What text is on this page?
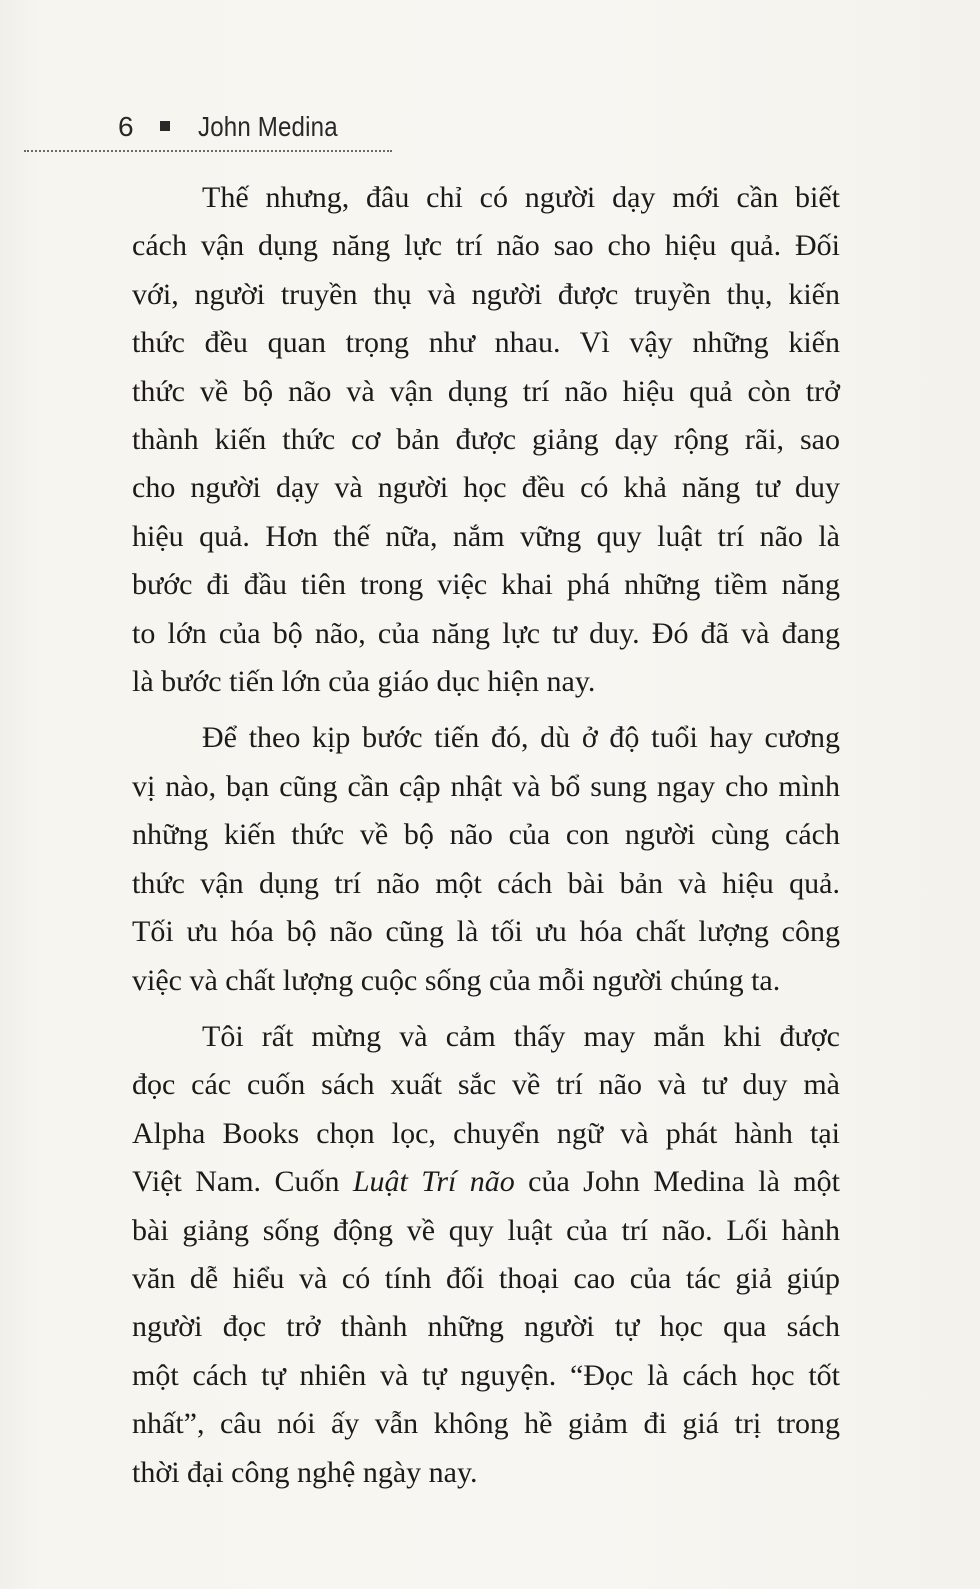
6 John Medina

Thế nhưng, đâu chỉ có người dạy mới cần biết
cách vận dụng năng lực trí não sao cho hiệu quả. Đối
với, người truyền thụ và người được truyền thụ, kiến
thức đều quan trọng như nhau. Vì vậy những kiến
thức về bộ não và vận dụng trí não hiệu quả còn trở
thành kiến thức cơ bản được giảng dạy rộng rãi, sao
cho người dạy và người học đều có khả năng tư duy
hiệu quả. Hơn thế nữa, nắm vững quy luật trí não là
bước đi đầu tiên trong việc khai phá những tiềm năng
to lớn của bộ não, của năng lực tư duy. Đó đã và đang
là bước tiến lớn của giáo dục hiện nay.

Để theo kịp bước tiến đó, dù ở độ tuổi hay cương
vị nào, bạn cũng cần cập nhật và bổ sung ngay cho mình
những kiến thức về bộ não của con người cùng cách
thức vận dụng trí não một cách bài bản và hiệu quả.
Tối ưu hóa bộ não cũng là tối ưu hóa chất lượng công
việc và chất lượng cuộc sống của mỗi người chúng ta.

Tôi rất mừng và cảm thấy may mắn khi được
đọc các cuốn sách xuất sắc về trí não và tư duy mà
Alpha Books chọn lọc, chuyển ngữ và phát hành tại
Việt Nam. Cuốn Luật Trí não của John Medina là một
bài giảng sống động về quy luật của trí não. Lối hành
văn dễ hiểu và có tính đối thoại cao của tác giả giúp
người đọc trở thành những người tự học qua sách
một cách tự nhiên và tự nguyện. “Đọc là cách học tốt
nhất”, câu nói ấy vẫn không hề giảm đi giá trị trong
thời đại công nghệ ngày nay.
